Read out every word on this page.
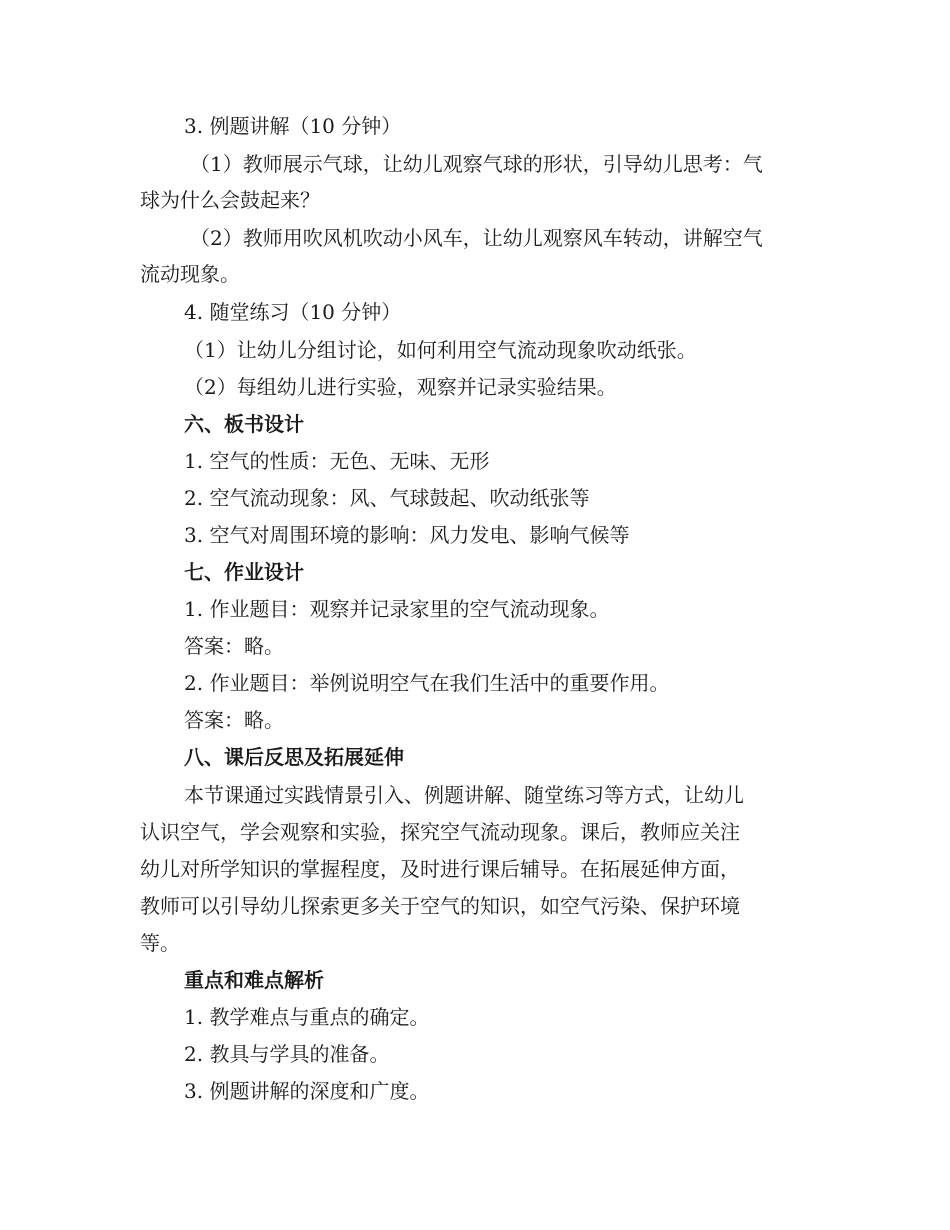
3. 例题讲解（10 分钟）
（1）教师展示气球，让幼儿观察气球的形状，引导幼儿思考：气
球为什么会鼓起来？
（2）教师用吹风机吹动小风车，让幼儿观察风车转动，讲解空气
流动现象。
4. 随堂练习（10 分钟）
（1）让幼儿分组讨论，如何利用空气流动现象吹动纸张。
（2）每组幼儿进行实验，观察并记录实验结果。
六、板书设计
1. 空气的性质：无色、无味、无形
2. 空气流动现象：风、气球鼓起、吹动纸张等
3. 空气对周围环境的影响：风力发电、影响气候等
七、作业设计
1. 作业题目：观察并记录家里的空气流动现象。
答案：略。
2. 作业题目：举例说明空气在我们生活中的重要作用。
答案：略。
八、课后反思及拓展延伸
本节课通过实践情景引入、例题讲解、随堂练习等方式，让幼儿
认识空气，学会观察和实验，探究空气流动现象。课后，教师应关注
幼儿对所学知识的掌握程度，及时进行课后辅导。在拓展延伸方面，
教师可以引导幼儿探索更多关于空气的知识，如空气污染、保护环境
等。
重点和难点解析
1. 教学难点与重点的确定。
2. 教具与学具的准备。
3. 例题讲解的深度和广度。
